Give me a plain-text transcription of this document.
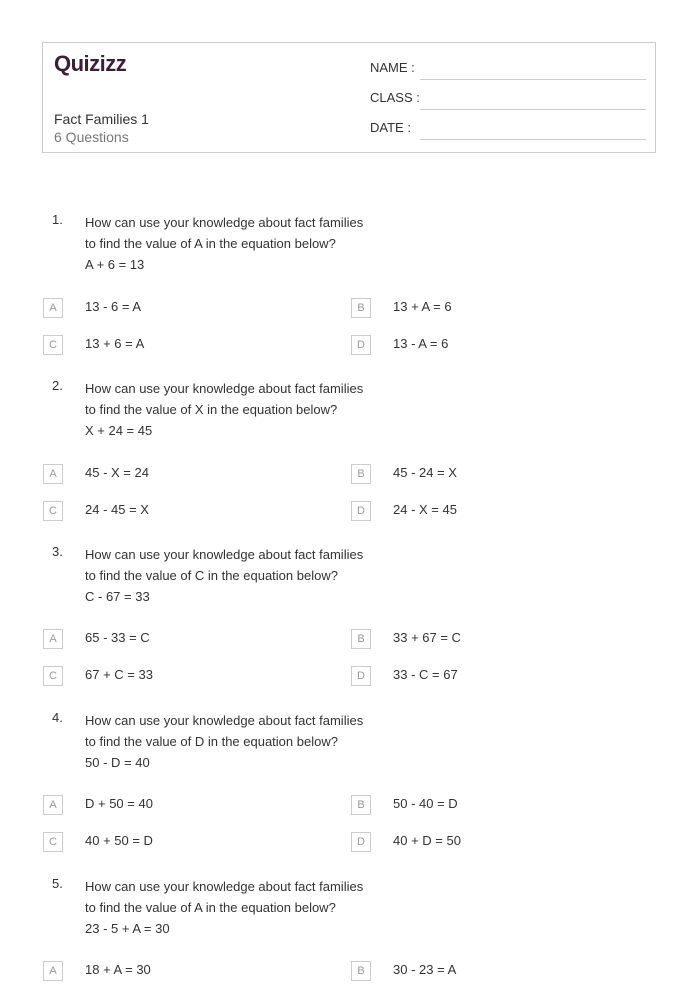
Quizizz
Fact Families 1
6 Questions
NAME :
CLASS :
DATE :
1. How can use your knowledge about fact families
to find the value of A in the equation below?
A + 6 = 13
A	13 - 6 = A	B	13 + A = 6
C	13 + 6 = A	D	13 - A = 6
2. How can use your knowledge about fact families
to find the value of X in the equation below?
X + 24 = 45
A	45 - X = 24	B	45 - 24 = X
C	24 - 45 = X	D	24 - X = 45
3. How can use your knowledge about fact families
to find the value of C in the equation below?
C - 67 = 33
A	65 - 33 = C	B	33 + 67 = C
C	67 + C = 33	D	33 - C = 67
4. How can use your knowledge about fact families
to find the value of D in the equation below?
50 - D = 40
A	D + 50 = 40	B	50 - 40 = D
C	40 + 50 = D	D	40 + D = 50
5. How can use your knowledge about fact families
to find the value of A in the equation below?
23 - 5 + A = 30
A	18 + A = 30	B	30 - 23 = A
